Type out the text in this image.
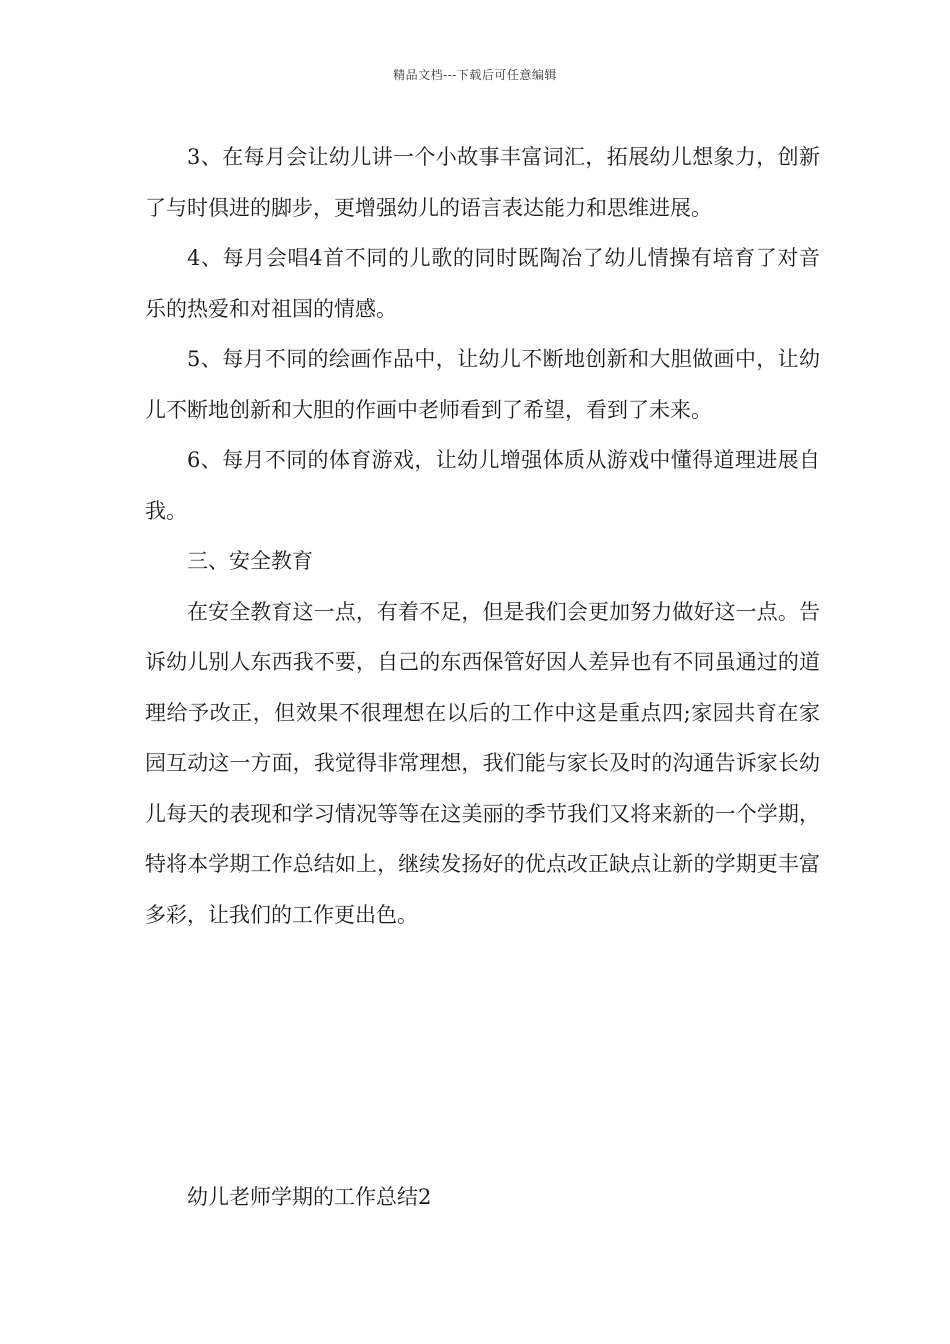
精品文档---下载后可任意编辑

3、在每月会让幼儿讲一个小故事丰富词汇，拓展幼儿想象力，创新了与时俱进的脚步，更增强幼儿的语言表达能力和思维进展。

4、每月会唱4首不同的儿歌的同时既陶冶了幼儿情操有培育了对音乐的热爱和对祖国的情感。

5、每月不同的绘画作品中，让幼儿不断地创新和大胆做画中，让幼儿不断地创新和大胆的作画中老师看到了希望，看到了未来。

6、每月不同的体育游戏，让幼儿增强体质从游戏中懂得道理进展自我。

三、安全教育

在安全教育这一点，有着不足，但是我们会更加努力做好这一点。告诉幼儿别人东西我不要，自己的东西保管好因人差异也有不同虽通过的道理给予改正，但效果不很理想在以后的工作中这是重点四;家园共育在家园互动这一方面，我觉得非常理想，我们能与家长及时的沟通告诉家长幼儿每天的表现和学习情况等等在这美丽的季节我们又将来新的一个学期，特将本学期工作总结如上，继续发扬好的优点改正缺点让新的学期更丰富多彩，让我们的工作更出色。

幼儿老师学期的工作总结2
